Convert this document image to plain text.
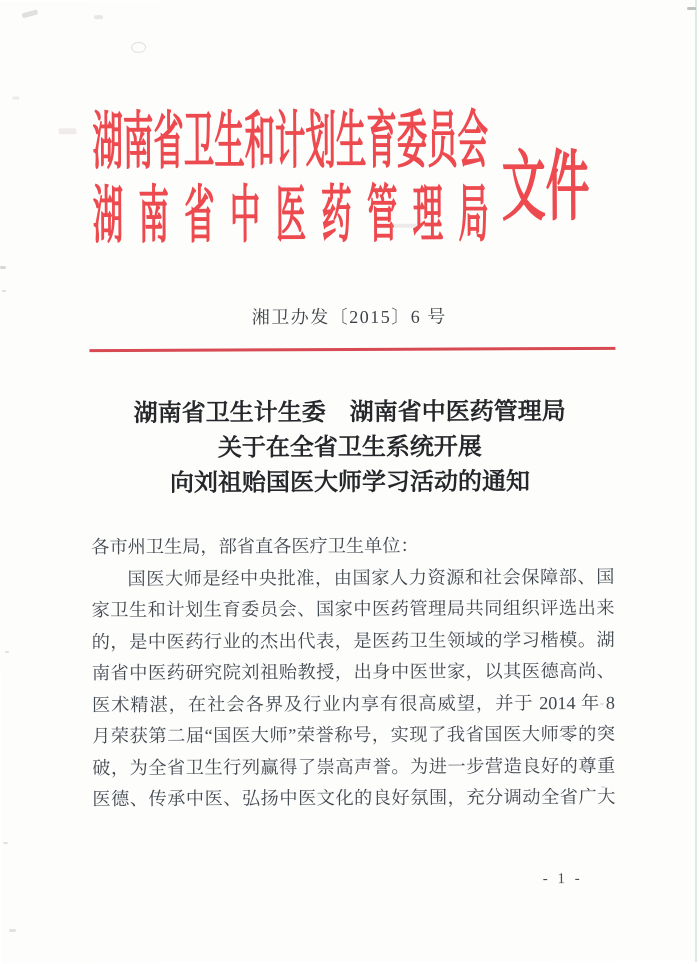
湖南省卫生和计划生育委员会
湖南省中医药管理局
文件
湘卫办发〔2015〕6 号
湖南省卫生计生委　湖南省中医药管理局
关于在全省卫生系统开展
向刘祖贻国医大师学习活动的通知
各市州卫生局，部省直各医疗卫生单位：
国医大师是经中央批准，由国家人力资源和社会保障部、国
家卫生和计划生育委员会、国家中医药管理局共同组织评选出来
的，是中医药行业的杰出代表，是医药卫生领域的学习楷模。湖
南省中医药研究院刘祖贻教授，出身中医世家，以其医德高尚、
医术精湛，在社会各界及行业内享有很高威望，并于 2014 年 8
月荣获第二届“国医大师”荣誉称号，实现了我省国医大师零的突
破，为全省卫生行列赢得了崇高声誉。为进一步营造良好的尊重
医德、传承中医、弘扬中医文化的良好氛围，充分调动全省广大
- 1 -
